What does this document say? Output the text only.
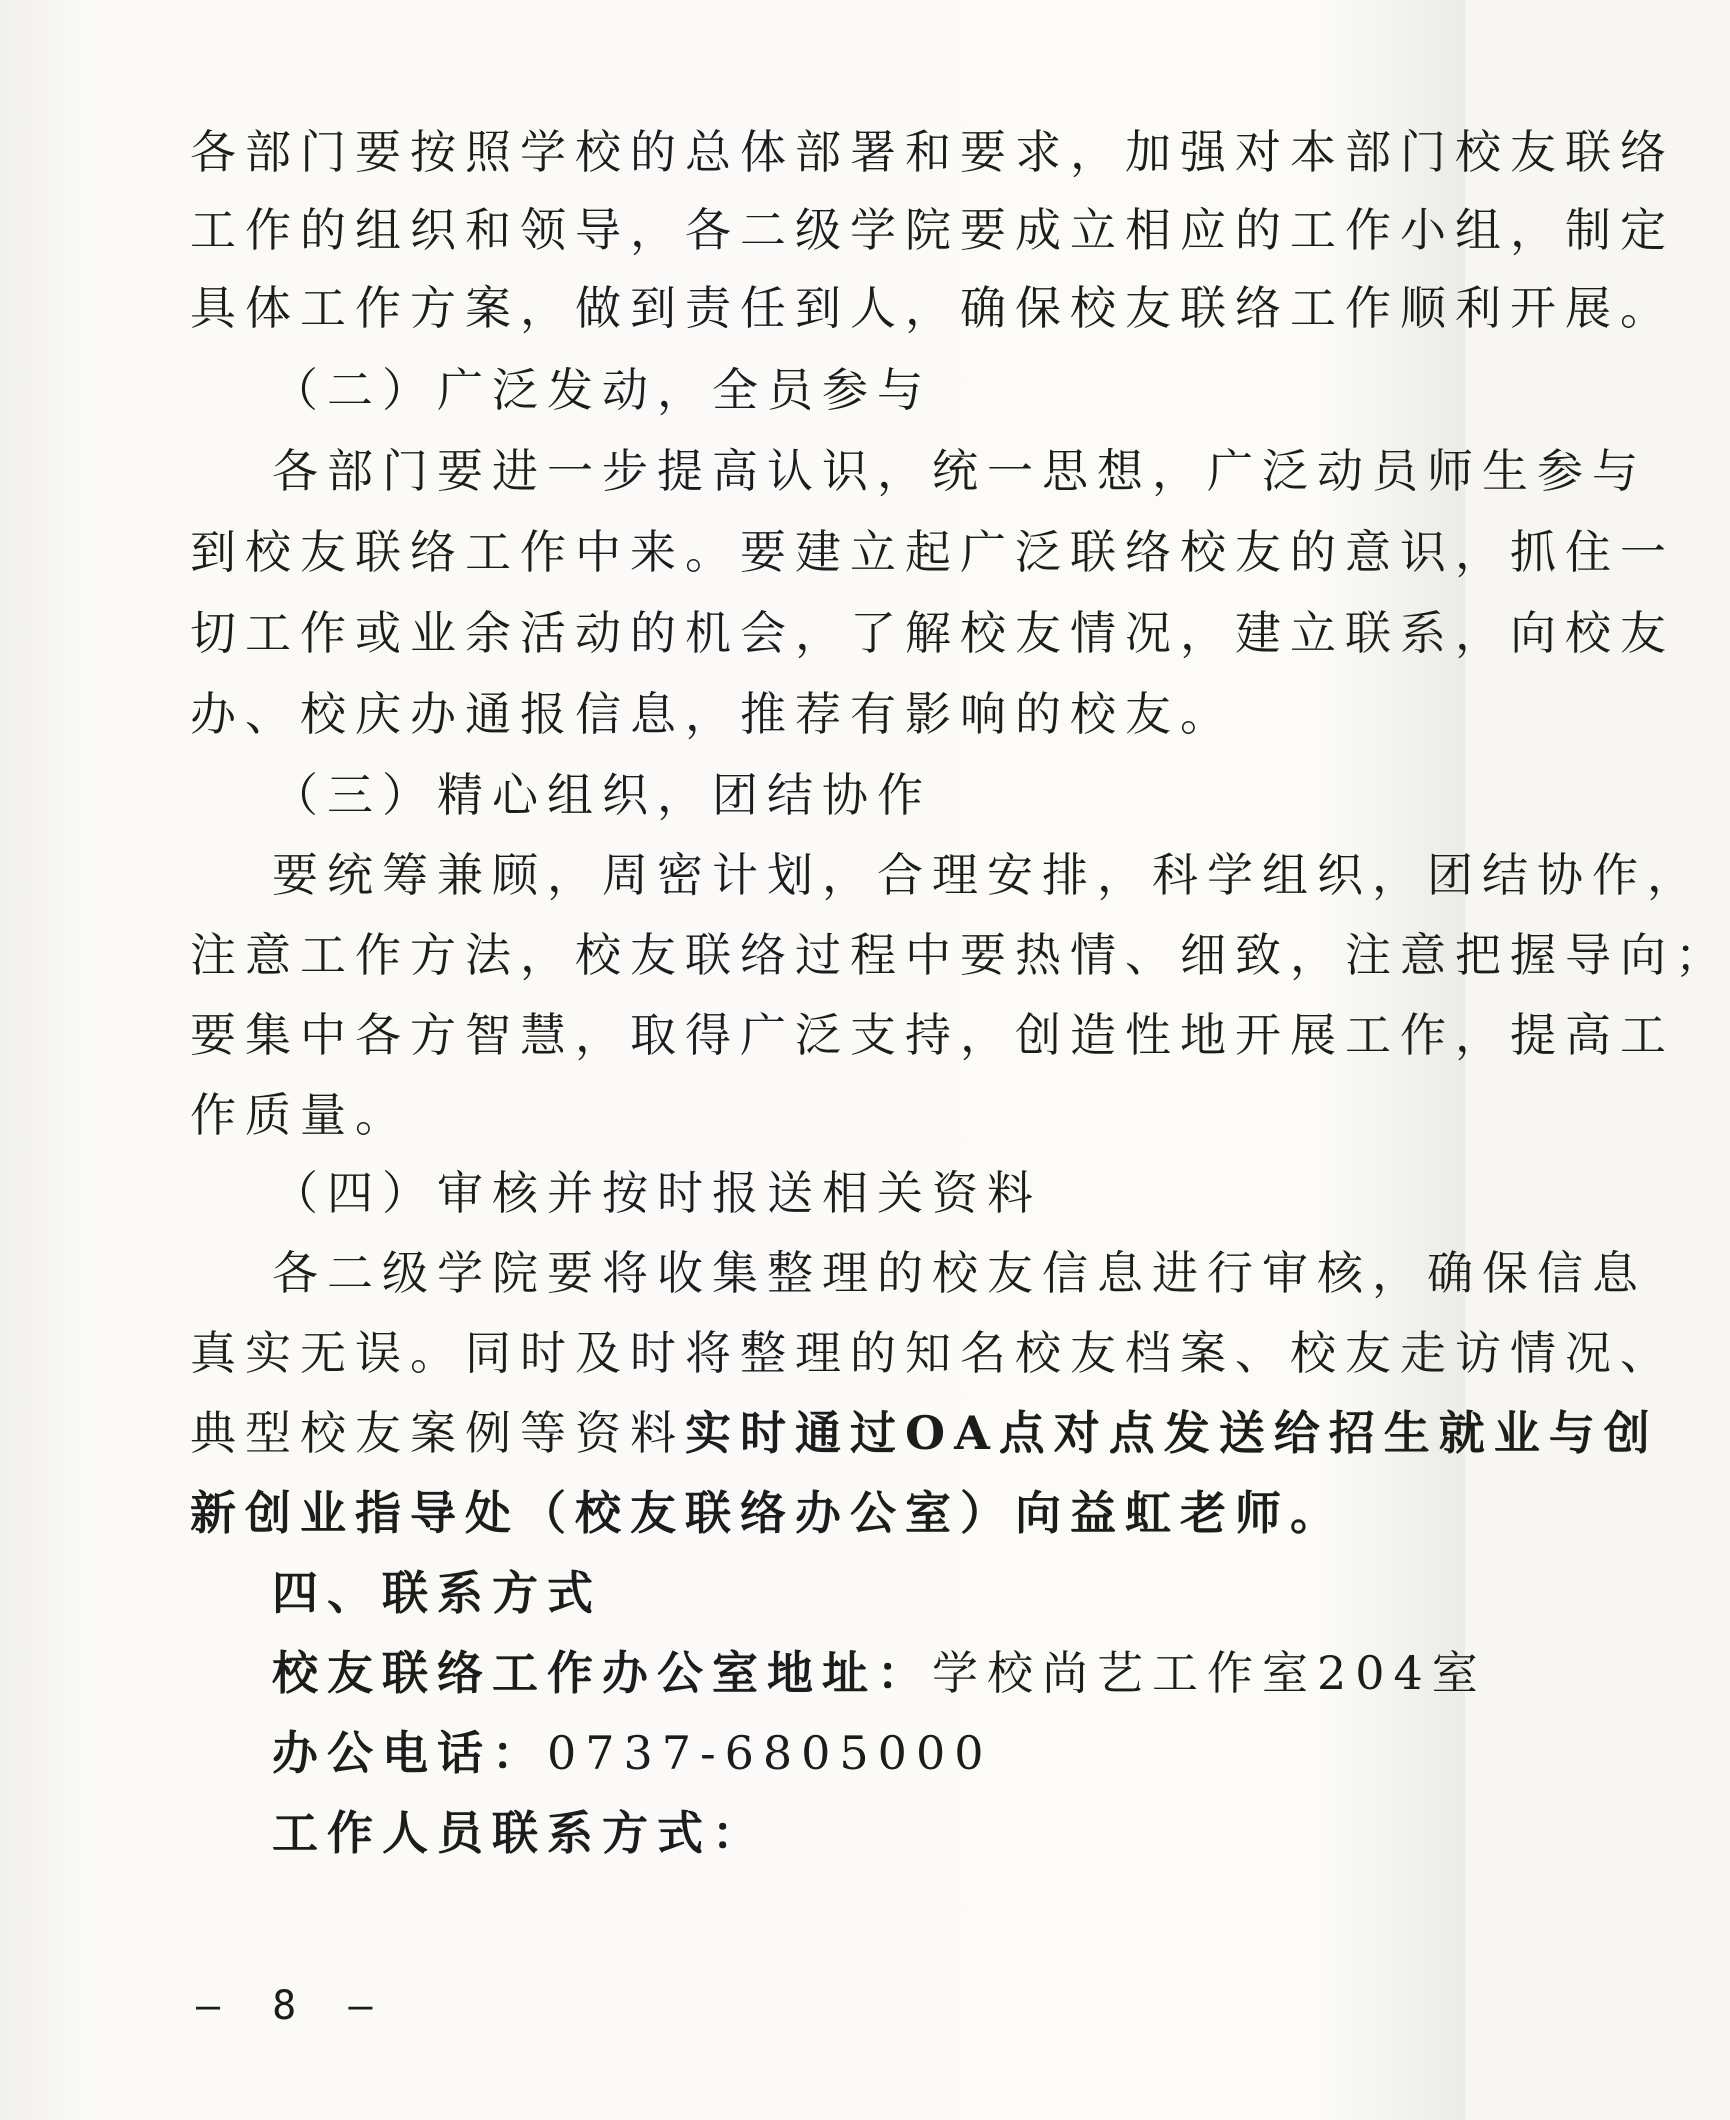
各部门要按照学校的总体部署和要求，加强对本部门校友联络
工作的组织和领导，各二级学院要成立相应的工作小组，制定
具体工作方案，做到责任到人，确保校友联络工作顺利开展。
（二）广泛发动，全员参与
各部门要进一步提高认识，统一思想，广泛动员师生参与
到校友联络工作中来。要建立起广泛联络校友的意识，抓住一
切工作或业余活动的机会，了解校友情况，建立联系，向校友
办、校庆办通报信息，推荐有影响的校友。
（三）精心组织，团结协作
要统筹兼顾，周密计划，合理安排，科学组织，团结协作，
注意工作方法，校友联络过程中要热情、细致，注意把握导向；
要集中各方智慧，取得广泛支持，创造性地开展工作，提高工
作质量。
（四）审核并按时报送相关资料
各二级学院要将收集整理的校友信息进行审核，确保信息
真实无误。同时及时将整理的知名校友档案、校友走访情况、
典型校友案例等资料实时通过OA点对点发送给招生就业与创
新创业指导处（校友联络办公室）向益虹老师。
四、联系方式
校友联络工作办公室地址：学校尚艺工作室204室
办公电话：0737-6805000
工作人员联系方式：
— 8 —
